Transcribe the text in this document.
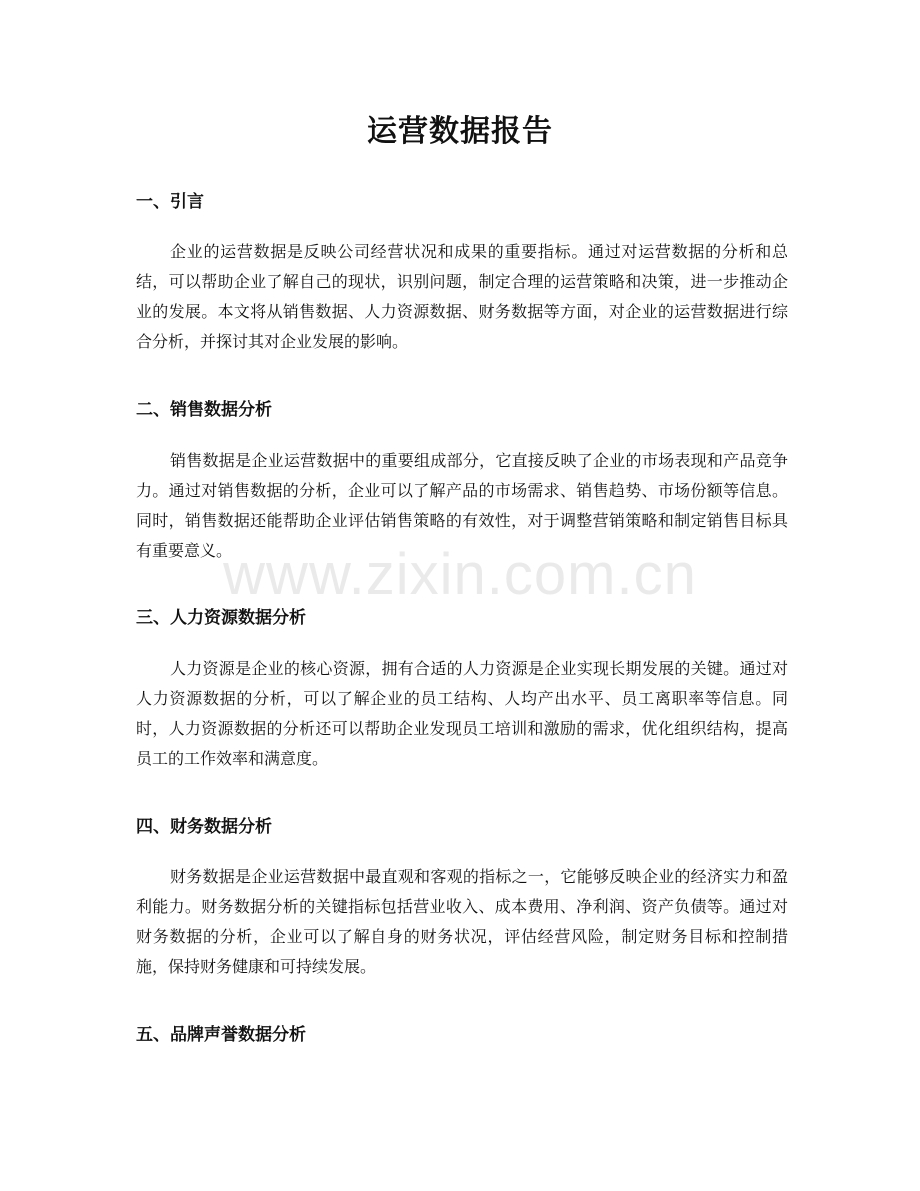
运营数据报告
一、引言

企业的运营数据是反映公司经营状况和成果的重要指标。通过对运营数据的分析和总结，可以帮助企业了解自己的现状，识别问题，制定合理的运营策略和决策，进一步推动企业的发展。本文将从销售数据、人力资源数据、财务数据等方面，对企业的运营数据进行综合分析，并探讨其对企业发展的影响。

二、销售数据分析

销售数据是企业运营数据中的重要组成部分，它直接反映了企业的市场表现和产品竞争力。通过对销售数据的分析，企业可以了解产品的市场需求、销售趋势、市场份额等信息。同时，销售数据还能帮助企业评估销售策略的有效性，对于调整营销策略和制定销售目标具有重要意义。

三、人力资源数据分析

人力资源是企业的核心资源，拥有合适的人力资源是企业实现长期发展的关键。通过对人力资源数据的分析，可以了解企业的员工结构、人均产出水平、员工离职率等信息。同时，人力资源数据的分析还可以帮助企业发现员工培训和激励的需求，优化组织结构，提高员工的工作效率和满意度。

四、财务数据分析

财务数据是企业运营数据中最直观和客观的指标之一，它能够反映企业的经济实力和盈利能力。财务数据分析的关键指标包括营业收入、成本费用、净利润、资产负债等。通过对财务数据的分析，企业可以了解自身的财务状况，评估经营风险，制定财务目标和控制措施，保持财务健康和可持续发展。

五、品牌声誉数据分析
www.zixin.com.cn
